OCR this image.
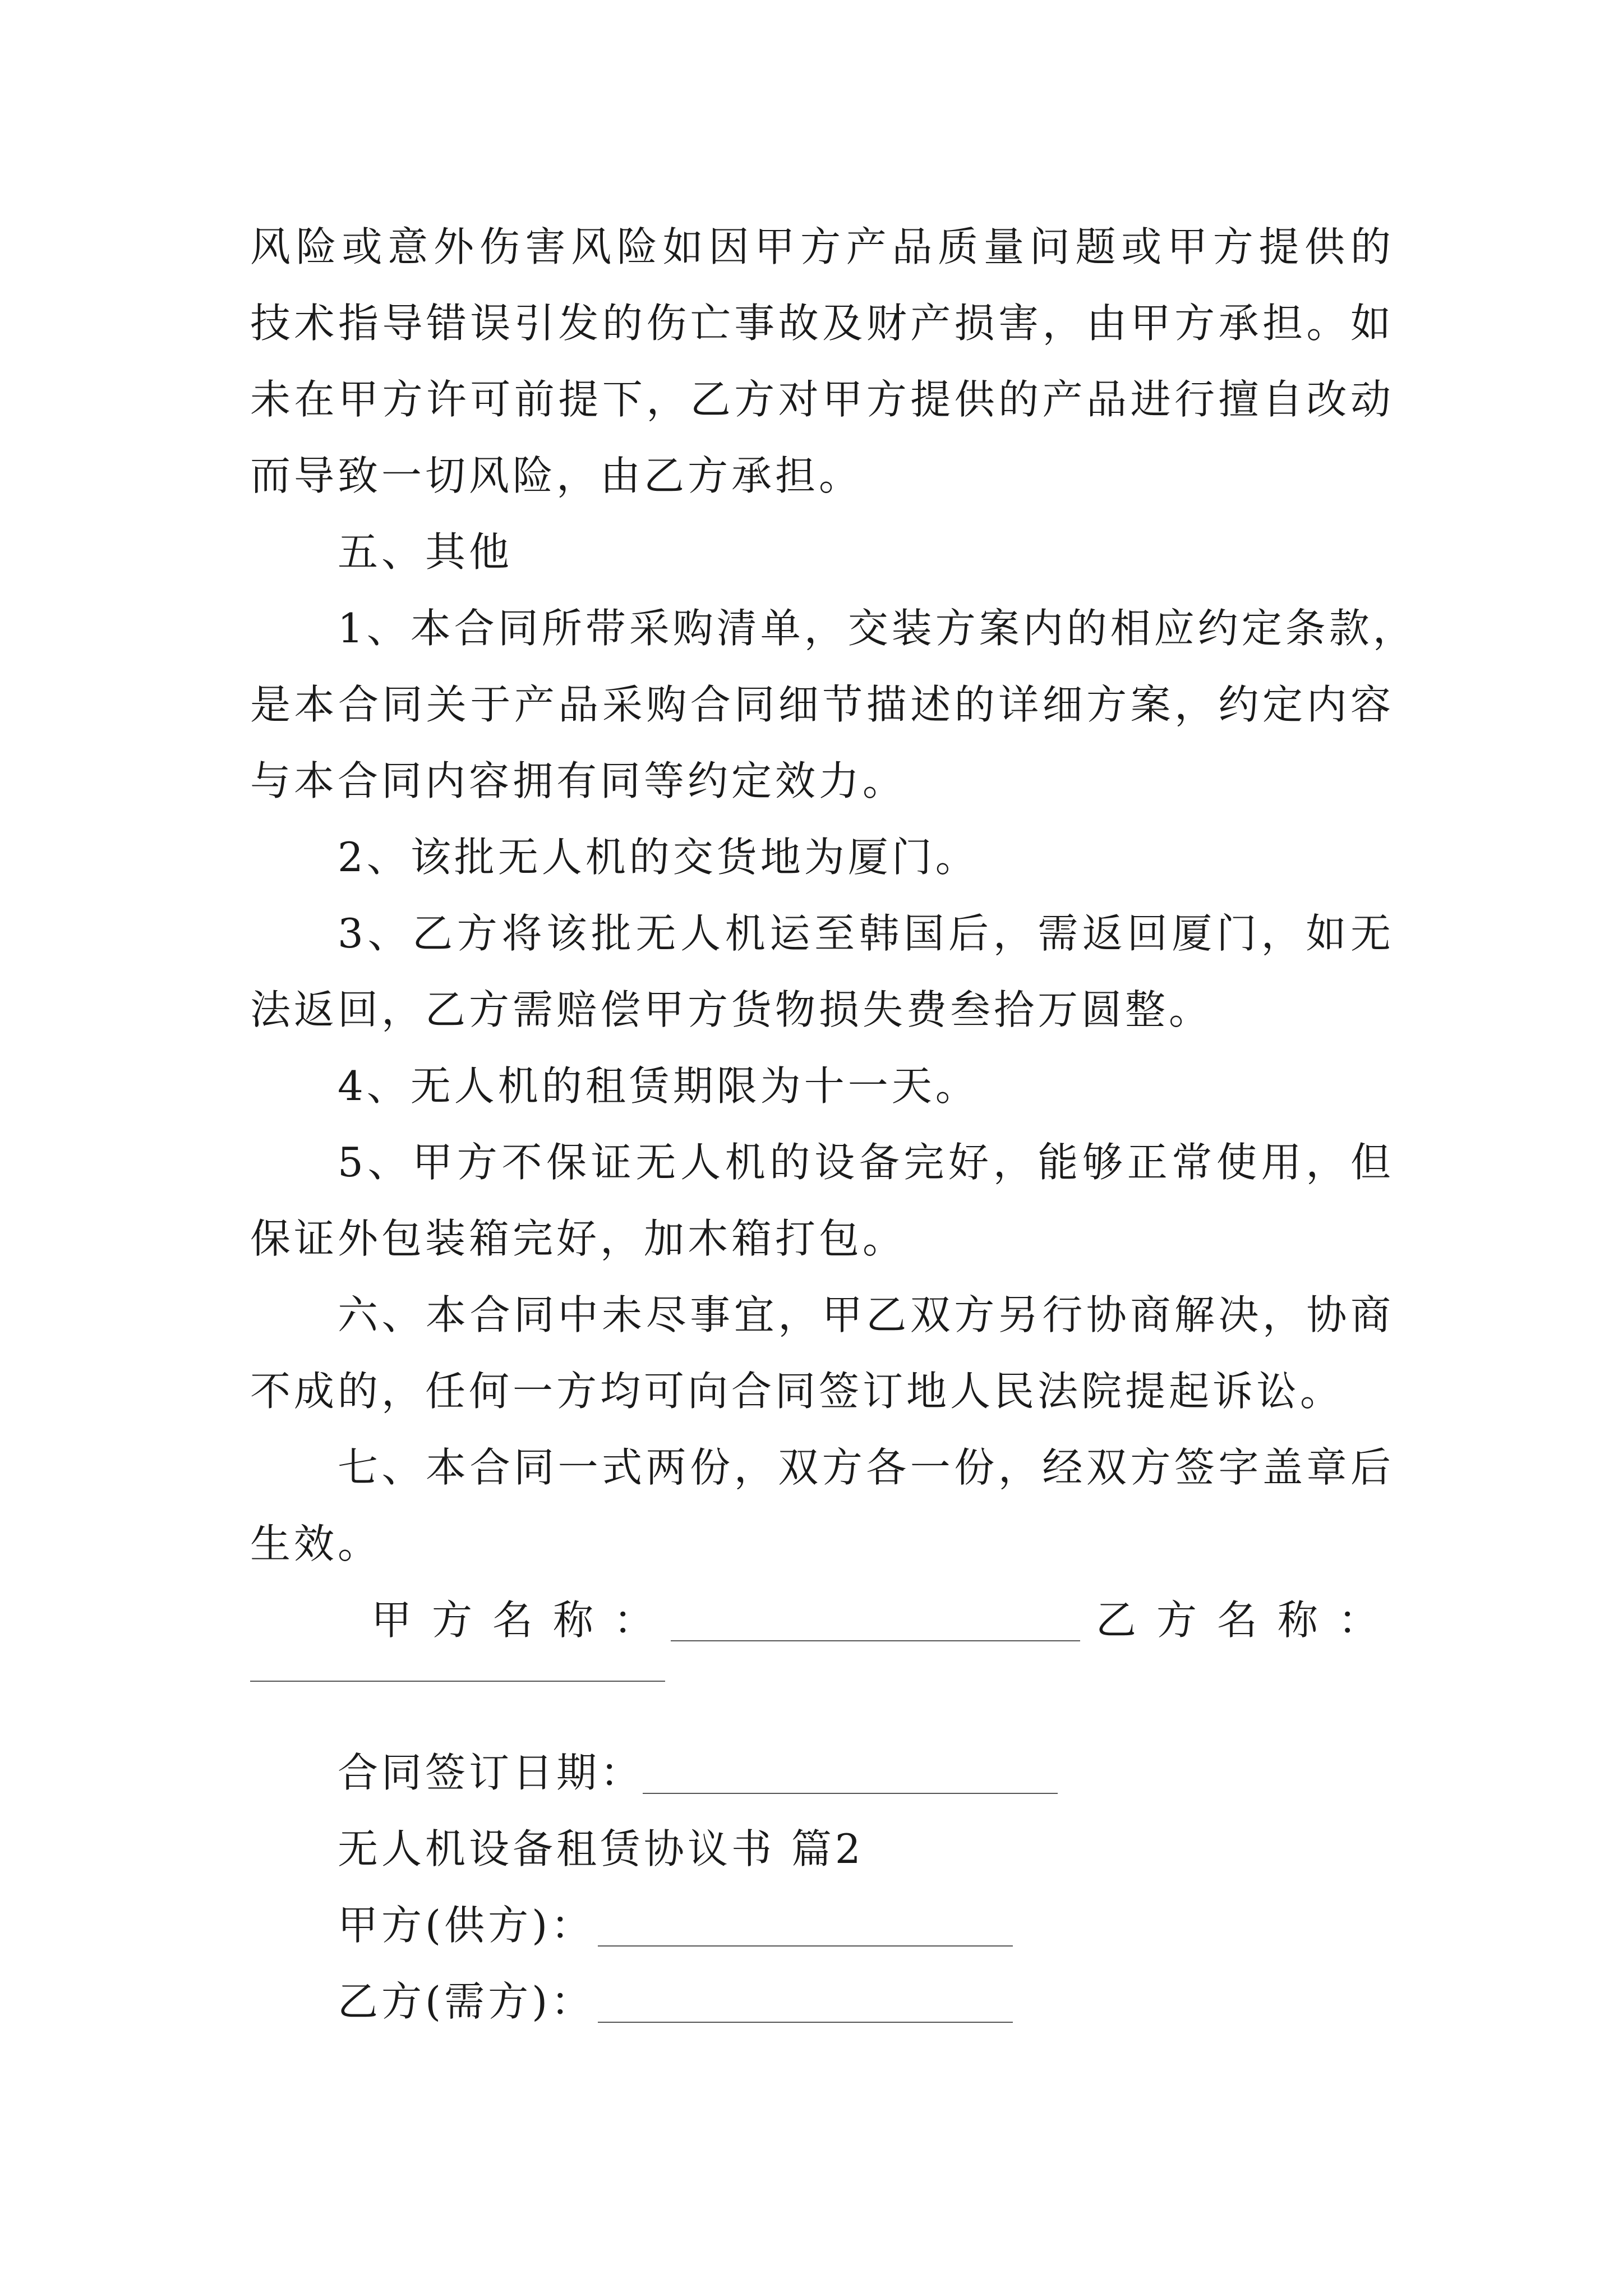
风险或意外伤害风险如因甲方产品质量问题或甲方提供的
技术指导错误引发的伤亡事故及财产损害，由甲方承担。如
未在甲方许可前提下，乙方对甲方提供的产品进行擅自改动
而导致一切风险，由乙方承担。
五、其他
1、本合同所带采购清单，交装方案内的相应约定条款，
是本合同关于产品采购合同细节描述的详细方案，约定内容
与本合同内容拥有同等约定效力。
2、该批无人机的交货地为厦门。
3、乙方将该批无人机运至韩国后，需返回厦门，如无
法返回，乙方需赔偿甲方货物损失费叁拾万圆整。
4、无人机的租赁期限为十一天。
5、甲方不保证无人机的设备完好，能够正常使用，但
保证外包装箱完好，加木箱打包。
六、本合同中未尽事宜，甲乙双方另行协商解决，协商
不成的，任何一方均可向合同签订地人民法院提起诉讼。
七、本合同一式两份，双方各一份，经双方签字盖章后
生效。
甲方名称：	乙方名称：
合同签订日期：
无人机设备租赁协议书 篇2
甲方(供方)：
乙方(需方)：
